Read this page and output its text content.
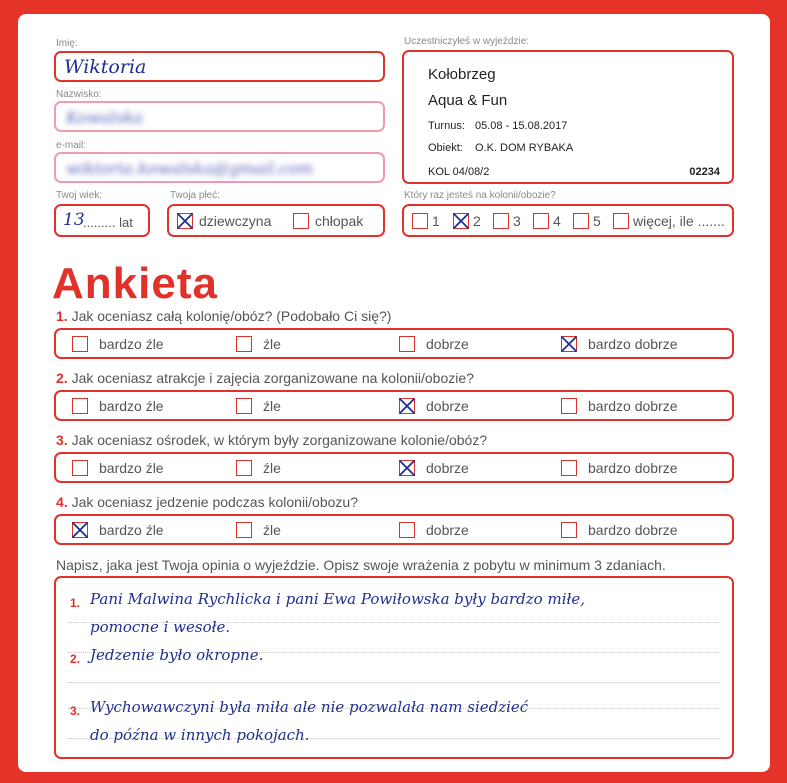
Imię:
Wiktoria
Nazwisko:
Kowalska
e-mail:
wiktoria.kowalska@gmail.com
Twoj wiek:
13
......... lat
Twoja płeć:
dziewczyna	chłopak
Uczestniczyłeś w wyjeździe:
Kołobrzeg
Aqua & Fun
Turnus: 05.08 - 15.08.2017
Obiekt: O.K. DOM RYBAKA
KOL 04/08/2	02234
Który raz jesteś na kolonii/obozie?
1 2 3 4 5 więcej, ile .......
Ankieta
1. Jak oceniasz całą kolonię/obóz? (Podobało Ci się?)
bardzo źle	źle	dobrze	bardzo dobrze
2. Jak oceniasz atrakcje i zajęcia zorganizowane na kolonii/obozie?
bardzo źle	źle	dobrze	bardzo dobrze
3. Jak oceniasz ośrodek, w którym były zorganizowane kolonie/obóz?
bardzo źle	źle	dobrze	bardzo dobrze
4. Jak oceniasz jedzenie podczas kolonii/obozu?
bardzo źle	źle	dobrze	bardzo dobrze
Napisz, jaka jest Twoja opinia o wyjeździe. Opisz swoje wrażenia z pobytu w minimum 3 zdaniach.
1. Pani Malwina Rychlicka i pani Ewa Powiłowska były bardzo miłe,
pomocne i wesołe.
2. Jedzenie było okropne.
3. Wychowawczyni była miła ale nie pozwalała nam siedzieć
do późna w innych pokojach.
